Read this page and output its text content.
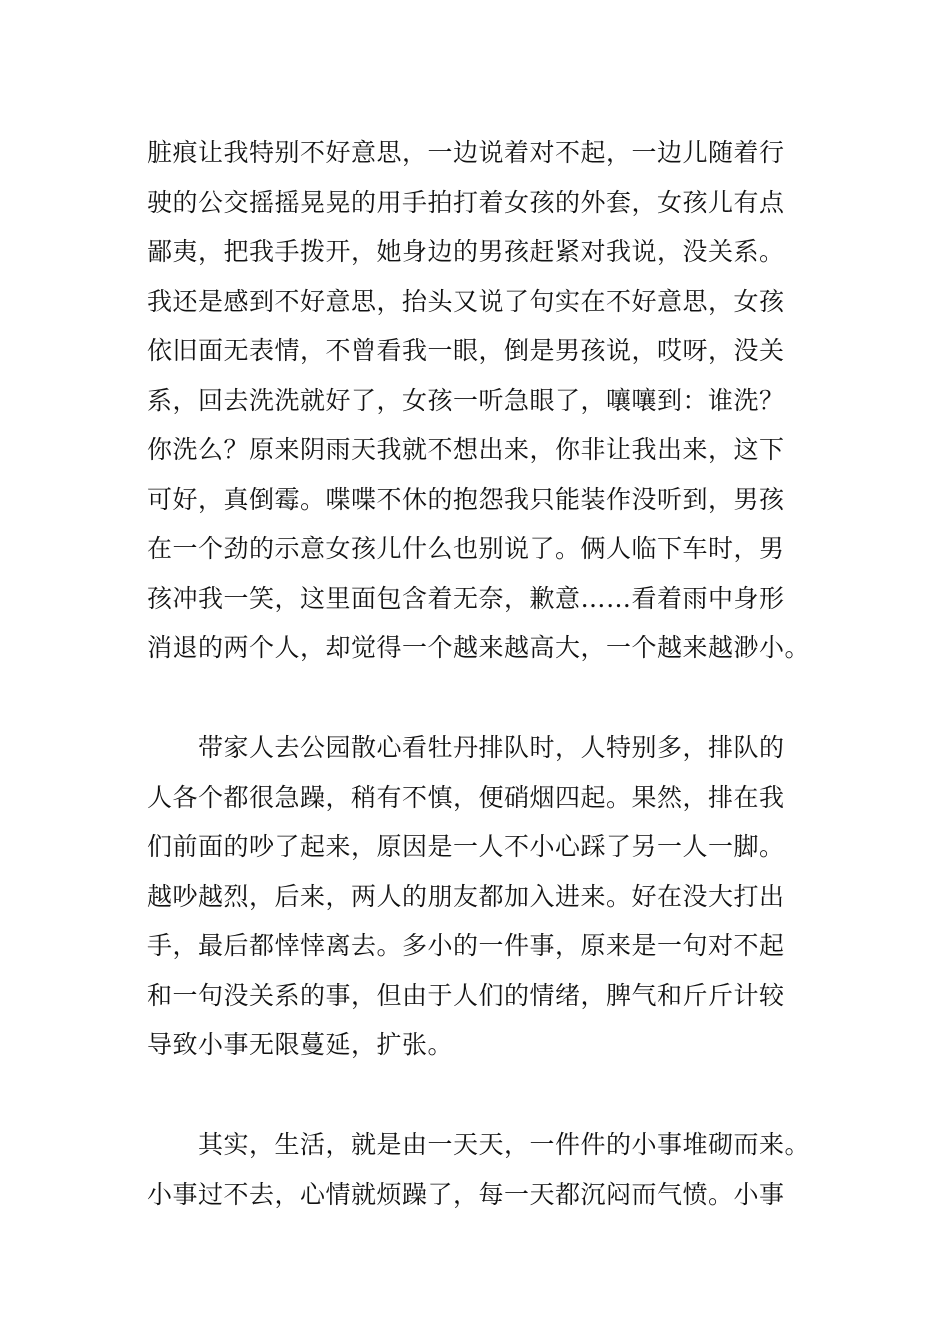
脏痕让我特别不好意思，一边说着对不起，一边儿随着行
驶的公交摇摇晃晃的用手拍打着女孩的外套，女孩儿有点
鄙夷，把我手拨开，她身边的男孩赶紧对我说，没关系。
我还是感到不好意思，抬头又说了句实在不好意思，女孩
依旧面无表情，不曾看我一眼，倒是男孩说，哎呀，没关
系，回去洗洗就好了，女孩一听急眼了，嚷嚷到：谁洗？
你洗么？原来阴雨天我就不想出来，你非让我出来，这下
可好，真倒霉。喋喋不休的抱怨我只能装作没听到，男孩
在一个劲的示意女孩儿什么也别说了。俩人临下车时，男
孩冲我一笑，这里面包含着无奈，歉意……看着雨中身形
消退的两个人，却觉得一个越来越高大，一个越来越渺小。
　　带家人去公园散心看牡丹排队时，人特别多，排队的
人各个都很急躁，稍有不慎，便硝烟四起。果然，排在我
们前面的吵了起来，原因是一人不小心踩了另一人一脚。
越吵越烈，后来，两人的朋友都加入进来。好在没大打出
手，最后都悻悻离去。多小的一件事，原来是一句对不起
和一句没关系的事，但由于人们的情绪，脾气和斤斤计较
导致小事无限蔓延，扩张。
　　其实，生活，就是由一天天，一件件的小事堆砌而来。
小事过不去，心情就烦躁了，每一天都沉闷而气愤。小事
